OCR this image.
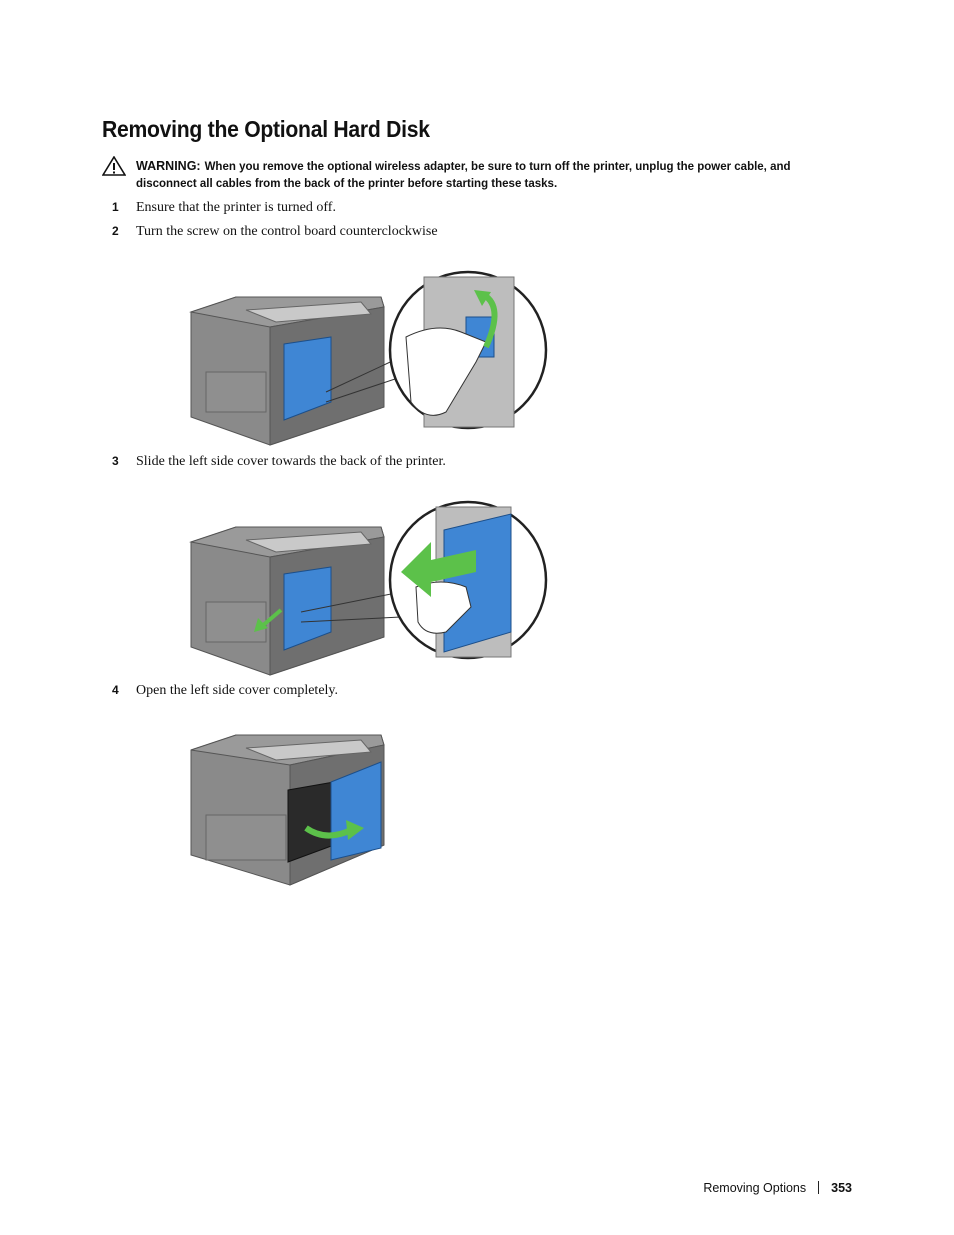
Removing the Optional Hard Disk
WARNING: When you remove the optional wireless adapter, be sure to turn off the printer, unplug the power cable, and disconnect all cables from the back of the printer before starting these tasks.
1 Ensure that the printer is turned off.
2 Turn the screw on the control board counterclockwise
3 Slide the left side cover towards the back of the printer.
4 Open the left side cover completely.
Removing Options 353
